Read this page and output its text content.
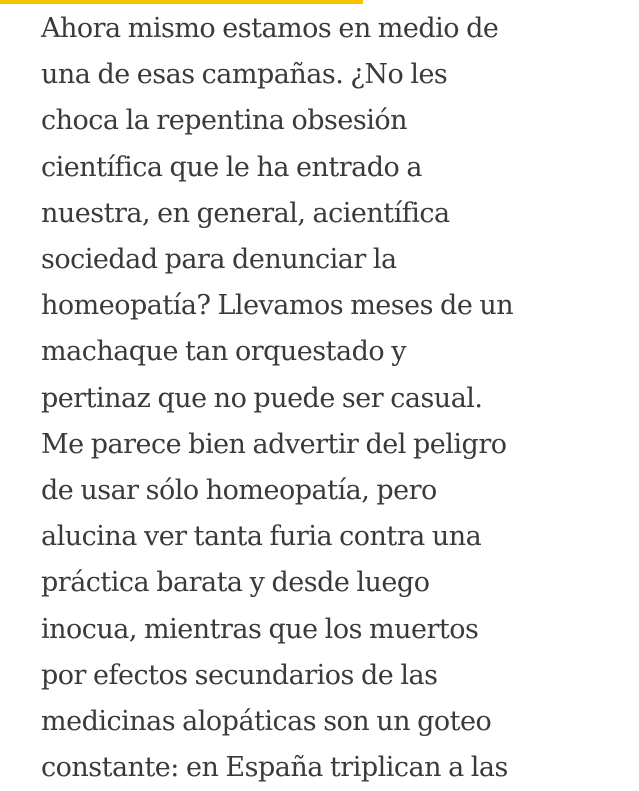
Ahora mismo estamos en medio de
una de esas campañas. ¿No les
choca la repentina obsesión
científica que le ha entrado a
nuestra, en general, acientífica
sociedad para denunciar la
homeopatía? Llevamos meses de un
machaque tan orquestado y
pertinaz que no puede ser casual.
Me parece bien advertir del peligro
de usar sólo homeopatía, pero
alucina ver tanta furia contra una
práctica barata y desde luego
inocua, mientras que los muertos
por efectos secundarios de las
medicinas alopáticas son un goteo
constante: en España triplican a las
